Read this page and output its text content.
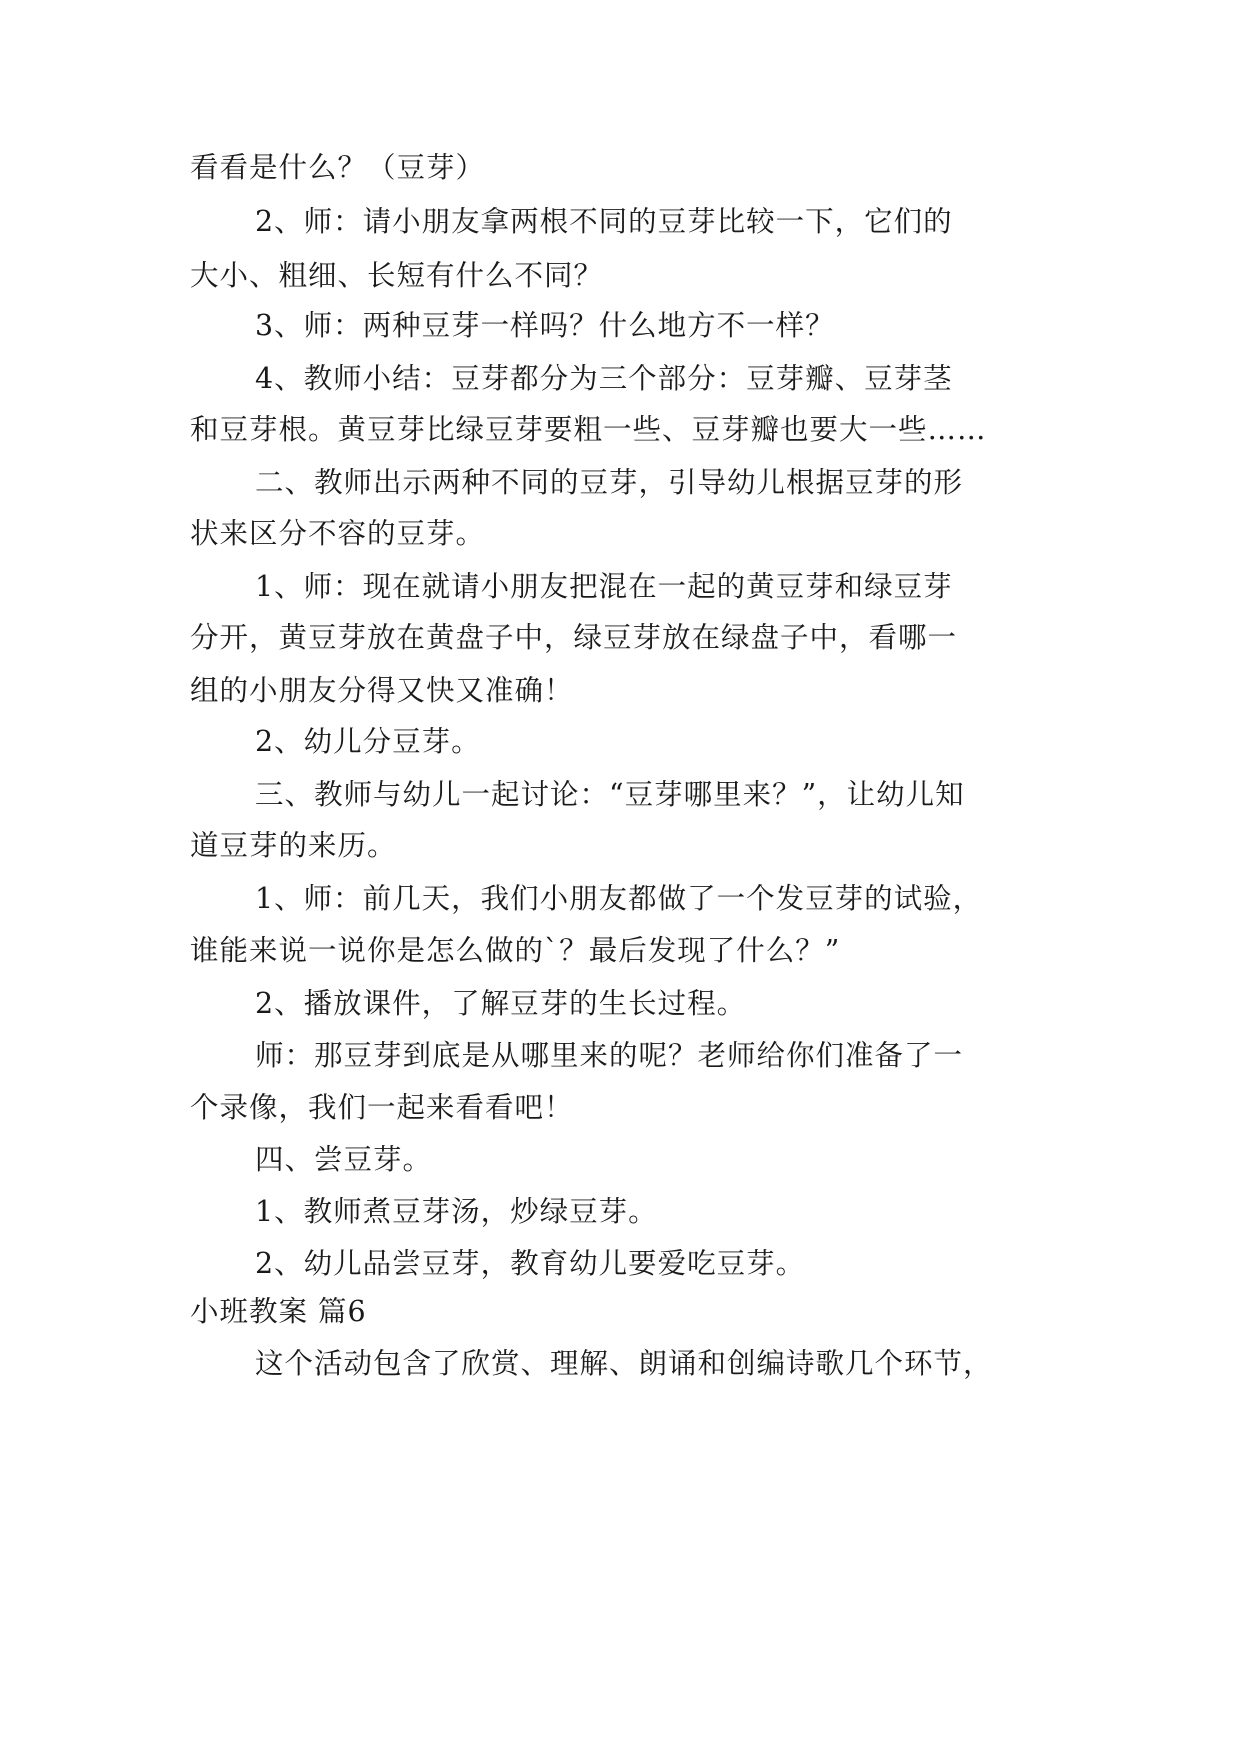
看看是什么？（豆芽）
2、师：请小朋友拿两根不同的豆芽比较一下，它们的
大小、粗细、长短有什么不同？
3、师：两种豆芽一样吗？什么地方不一样？
4、教师小结：豆芽都分为三个部分：豆芽瓣、豆芽茎
和豆芽根。黄豆芽比绿豆芽要粗一些、豆芽瓣也要大一些……
二、教师出示两种不同的豆芽，引导幼儿根据豆芽的形
状来区分不容的豆芽。
1、师：现在就请小朋友把混在一起的黄豆芽和绿豆芽
分开，黄豆芽放在黄盘子中，绿豆芽放在绿盘子中，看哪一
组的小朋友分得又快又准确！
2、幼儿分豆芽。
三、教师与幼儿一起讨论：“豆芽哪里来？”，让幼儿知
道豆芽的来历。
1、师：前几天，我们小朋友都做了一个发豆芽的试验，
谁能来说一说你是怎么做的`？最后发现了什么？”
2、播放课件，了解豆芽的生长过程。
师：那豆芽到底是从哪里来的呢？老师给你们准备了一
个录像，我们一起来看看吧！
四、尝豆芽。
1、教师煮豆芽汤，炒绿豆芽。
2、幼儿品尝豆芽，教育幼儿要爱吃豆芽。
小班教案 篇6
这个活动包含了欣赏、理解、朗诵和创编诗歌几个环节，
